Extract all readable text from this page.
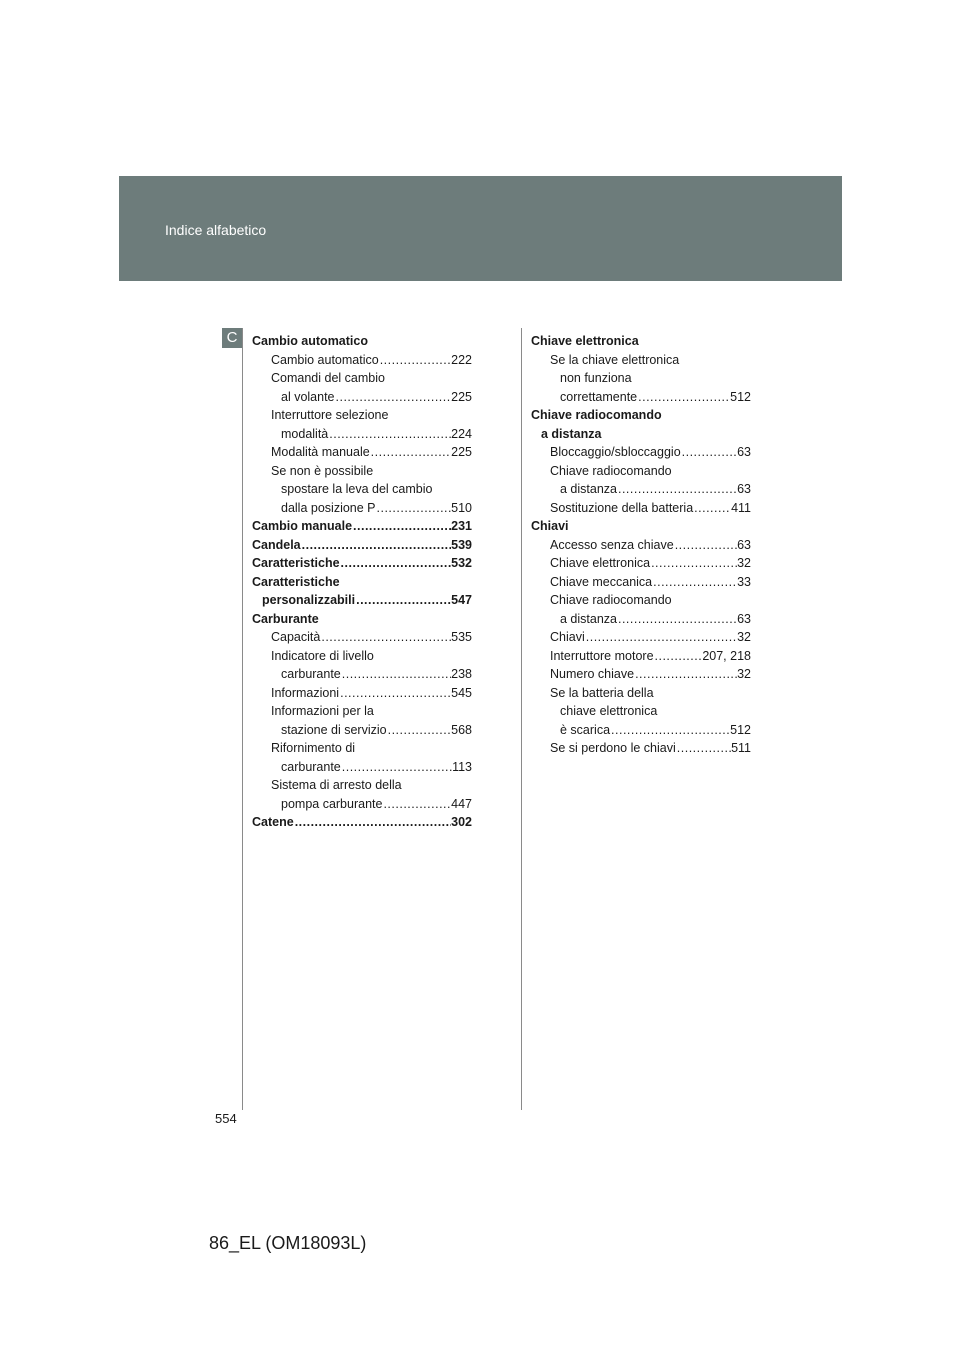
Indice alfabetico
C	Cambio automatico
Cambio automatico .....	222
Comandi del cambio
al volante .....	225
Interruttore selezione
modalità .....	224
Modalità manuale .....	225
Se non è possibile
spostare la leva del cambio
dalla posizione P .....	510
Cambio manuale .....	231
Candela .....	539
Caratteristiche .....	532
Caratteristiche
personalizzabili .....	547
Carburante
Capacità .....	535
Indicatore di livello
carburante .....	238
Informazioni .....	545
Informazioni per la
stazione di servizio .....	568
Rifornimento di
carburante .....	113
Sistema di arresto della
pompa carburante .....	447
Catene .....	302
Chiave elettronica
Se la chiave elettronica
non funziona
correttamente .....	512
Chiave radiocomando
a distanza
Bloccaggio/sbloccaggio .....	63
Chiave radiocomando
a distanza .....	63
Sostituzione della batteria .....	411
Chiavi
Accesso senza chiave .....	63
Chiave elettronica .....	32
Chiave meccanica .....	33
Chiave radiocomando
a distanza .....	63
Chiavi .....	32
Interruttore motore .....	207, 218
Numero chiave .....	32
Se la batteria della
chiave elettronica
è scarica .....	512
Se si perdono le chiavi .....	511
554
86_EL (OM18093L)
